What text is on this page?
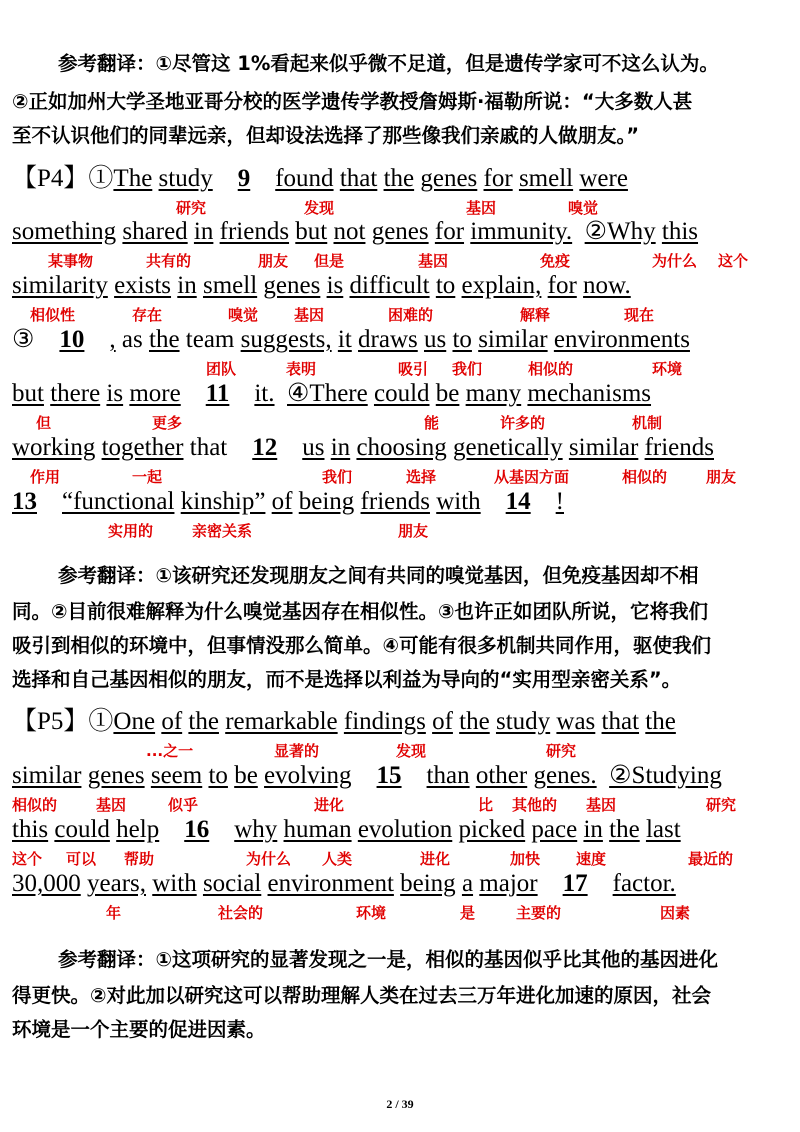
参考翻译：①尽管这 1%看起来似乎微不足道，但是遗传学家可不这么认为。
②正如加州大学圣地亚哥分校的医学遗传学教授詹姆斯·福勒所说：“大多数人甚
至不认识他们的同辈远亲，但却设法选择了那些像我们亲戚的人做朋友。”
【P4】①The study 9 found that the genes for smell were
研究	发现	基因	嗅觉
something shared in friends but not genes for immunity. ②Why this
某事物	共有的	朋友 但是	基因	免疫	为什么 这个
similarity exists in smell genes is difficult to explain, for now.
相似性	存在	嗅觉 基因	困难的	解释	现在
③ 10 , as the team suggests, it draws us to similar environments
团队	表明	吸引 我们	相似的	环境
but there is more 11 it. ④There could be many mechanisms
但	更多	能	许多的	机制
working together that 12 us in choosing genetically similar friends
作用	一起	我们	选择	从基因方面	相似的	朋友
13 “functional kinship” of being friends with 14 !
实用的	亲密关系	朋友
参考翻译：①该研究还发现朋友之间有共同的嗅觉基因，但免疫基因却不相
同。②目前很难解释为什么嗅觉基因存在相似性。③也许正如团队所说，它将我们
吸引到相似的环境中，但事情没那么简单。④可能有很多机制共同作用，驱使我们
选择和自己基因相似的朋友，而不是选择以利益为导向的“实用型亲密关系”。
【P5】①One of the remarkable findings of the study was that the
...之一	显著的	发现	研究
similar genes seem to be evolving 15 than other genes. ②Studying
相似的	基因	似乎	进化	比 其他的 基因	研究
this could help 16 why human evolution picked pace in the last
这个 可以 帮助	为什么 人类	进化	加快 速度	最近的
30,000 years, with social environment being a major 17 factor.
年	社会的	环境	是	主要的	因素
参考翻译：①这项研究的显著发现之一是，相似的基因似乎比其他的基因进化
得更快。②对此加以研究这可以帮助理解人类在过去三万年进化加速的原因，社会
环境是一个主要的促进因素。
2 / 39
